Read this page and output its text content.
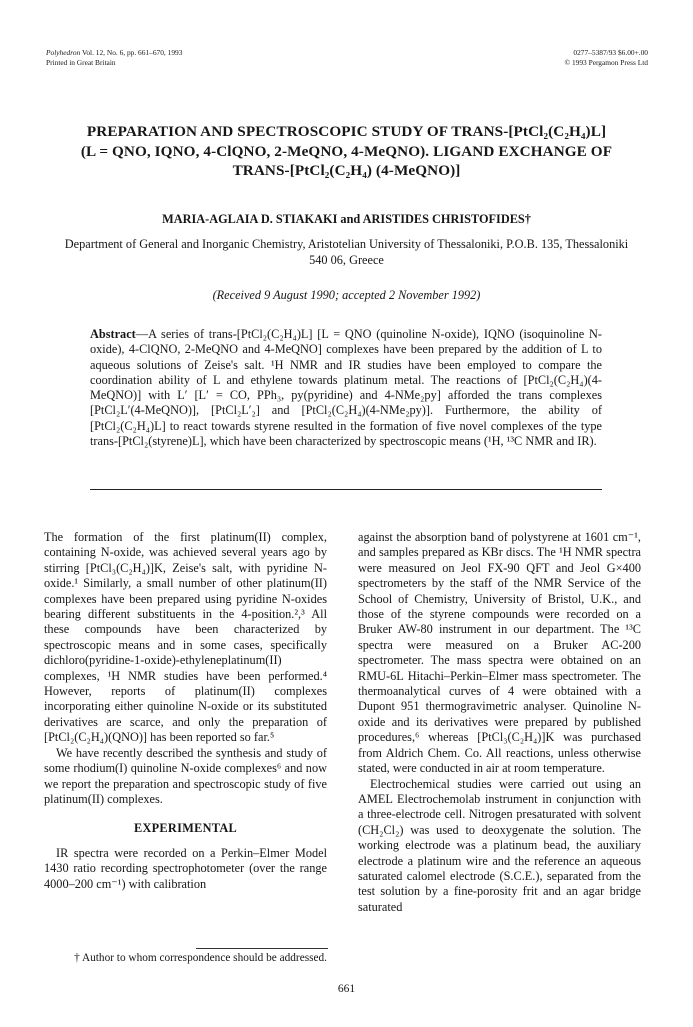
Polyhedron Vol. 12, No. 6, pp. 661–670, 1993
Printed in Great Britain
0277–5387/93 $6.00+.00
© 1993 Pergamon Press Ltd
PREPARATION AND SPECTROSCOPIC STUDY OF TRANS-[PtCl₂(C₂H₄)L] (L = QNO, IQNO, 4-ClQNO, 2-MeQNO, 4-MeQNO). LIGAND EXCHANGE OF TRANS-[PtCl₂(C₂H₄) (4-MeQNO)]
MARIA-AGLAIA D. STIAKAKI and ARISTIDES CHRISTOFIDES†
Department of General and Inorganic Chemistry, Aristotelian University of Thessaloniki, P.O.B. 135, Thessaloniki 540 06, Greece
(Received 9 August 1990; accepted 2 November 1992)
Abstract—A series of trans-[PtCl₂(C₂H₄)L] [L = QNO (quinoline N-oxide), IQNO (isoquinoline N-oxide), 4-ClQNO, 2-MeQNO and 4-MeQNO] complexes have been prepared by the addition of L to aqueous solutions of Zeise's salt. ¹H NMR and IR studies have been employed to compare the coordination ability of L and ethylene towards platinum metal. The reactions of [PtCl₂(C₂H₄)(4-MeQNO)] with L′ [L′ = CO, PPh₃, py(pyridine) and 4-NMe₂py] afforded the trans complexes [PtCl₂L′(4-MeQNO)], [PtCl₂L′₂] and [PtCl₂(C₂H₄)(4-NMe₂py)]. Furthermore, the ability of [PtCl₂(C₂H₄)L] to react towards styrene resulted in the formation of five novel complexes of the type trans-[PtCl₂(styrene)L], which have been characterized by spectroscopic means (¹H, ¹³C NMR and IR).

The formation of the first platinum(II) complex, containing N-oxide, was achieved several years ago by stirring [PtCl₃(C₂H₄)]K, Zeise's salt, with pyridine N-oxide.¹ Similarly, a small number of other platinum(II) complexes have been prepared using pyridine N-oxides bearing different substituents in the 4-position.²,³ All these compounds have been characterized by spectroscopic means and in some cases, specifically dichloro(pyridine-1-oxide)-ethyleneplatinum(II) complexes, ¹H NMR studies have been performed.⁴ However, reports of platinum(II) complexes incorporating either quinoline N-oxide or its substituted derivatives are scarce, and only the preparation of [PtCl₂(C₂H₄)(QNO)] has been reported so far.⁵

We have recently described the synthesis and study of some rhodium(I) quinoline N-oxide complexes⁶ and now we report the preparation and spectroscopic study of five platinum(II) complexes.

EXPERIMENTAL

IR spectra were recorded on a Perkin–Elmer Model 1430 ratio recording spectrophotometer (over the range 4000–200 cm⁻¹) with calibration

against the absorption band of polystyrene at 1601 cm⁻¹, and samples prepared as KBr discs. The ¹H NMR spectra were measured on Jeol FX-90 QFT and Jeol G×400 spectrometers by the staff of the NMR Service of the School of Chemistry, University of Bristol, U.K., and those of the styrene compounds were recorded on a Bruker AW-80 instrument in our department. The ¹³C spectra were measured on a Bruker AC-200 spectrometer. The mass spectra were obtained on an RMU-6L Hitachi–Perkin–Elmer mass spectrometer. The thermoanalytical curves of 4 were obtained with a Dupont 951 thermogravimetric analyser. Quinoline N-oxide and its derivatives were prepared by published procedures,⁶ whereas [PtCl₃(C₂H₄)]K was purchased from Aldrich Chem. Co. All reactions, unless otherwise stated, were conducted in air at room temperature.

Electrochemical studies were carried out using an AMEL Electrochemolab instrument in conjunction with a three-electrode cell. Nitrogen presaturated with solvent (CH₂Cl₂) was used to deoxygenate the solution. The working electrode was a platinum bead, the auxiliary electrode a platinum wire and the reference an aqueous saturated calomel electrode (S.C.E.), separated from the test solution by a fine-porosity frit and an agar bridge saturated

† Author to whom correspondence should be addressed.
661
